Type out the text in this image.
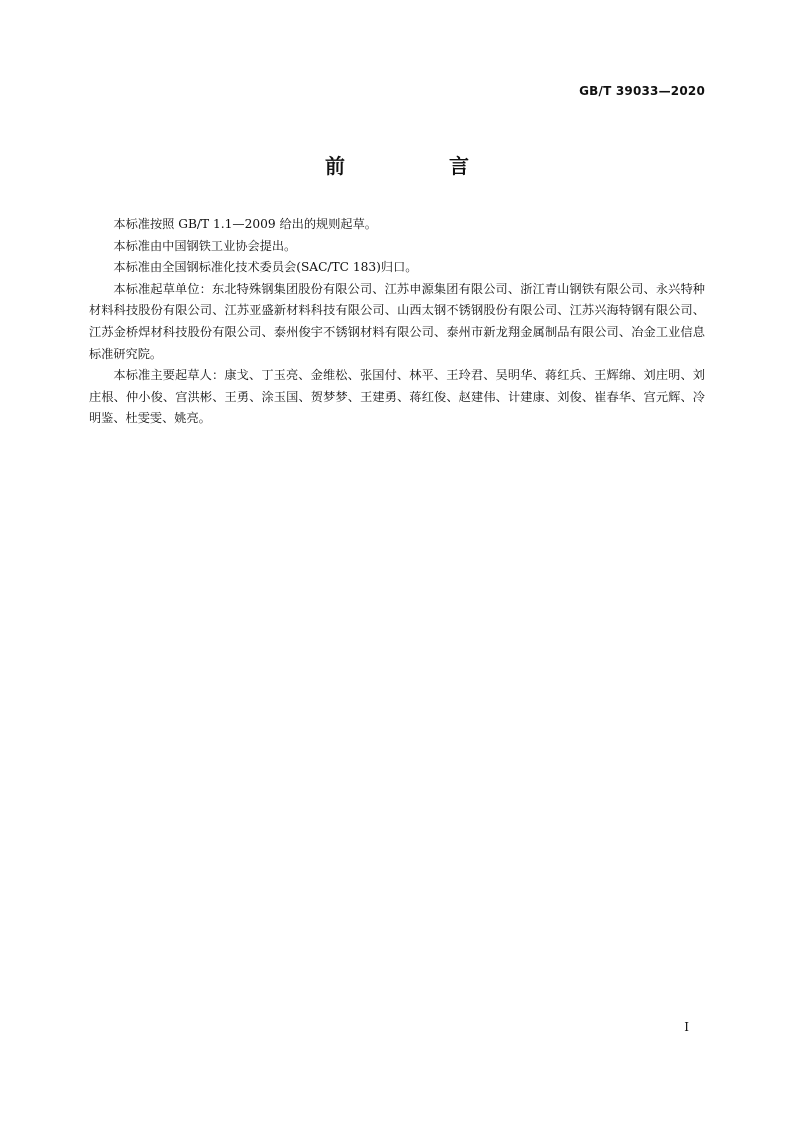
GB/T 39033—2020
前　言

本标准按照 GB/T 1.1—2009 给出的规则起草。

本标准由中国钢铁工业协会提出。

本标准由全国钢标准化技术委员会(SAC/TC 183)归口。

本标准起草单位：东北特殊钢集团股份有限公司、江苏申源集团有限公司、浙江青山钢铁有限公司、永兴特种材料科技股份有限公司、江苏亚盛新材料科技有限公司、山西太钢不锈钢股份有限公司、江苏兴海特钢有限公司、江苏金桥焊材科技股份有限公司、泰州俊宇不锈钢材料有限公司、泰州市新龙翔金属制品有限公司、冶金工业信息标准研究院。

本标准主要起草人：康戈、丁玉亮、金维松、张国付、林平、王玲君、吴明华、蒋红兵、王辉绵、刘庄明、刘庄根、仲小俊、宫洪彬、王勇、涂玉国、贺梦梦、王建勇、蒋红俊、赵建伟、计建康、刘俊、崔春华、宫元辉、冷明鉴、杜雯雯、姚亮。

I
